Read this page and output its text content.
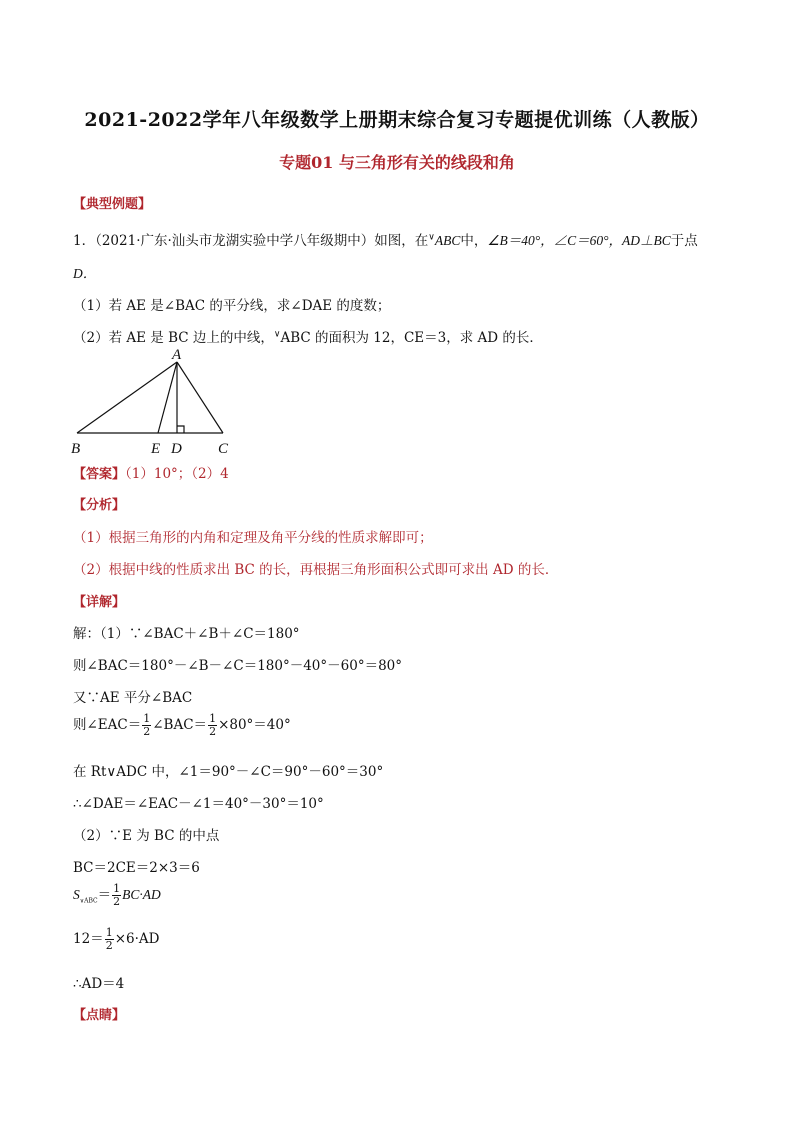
2021-2022学年八年级数学上册期末综合复习专题提优训练（人教版）
专题01 与三角形有关的线段和角
【典型例题】
1．（2021·广东·汕头市龙湖实验中学八年级期中）如图，在∨ABC中，∠B＝40°，∠C＝60°，AD⊥BC于点
D．
（1）若 AE 是∠BAC 的平分线，求∠DAE 的度数；
（2）若 AE 是 BC 边上的中线，∨ABC 的面积为 12，CE＝3，求 AD 的长．
A
B	C
D
E
【答案】（1）10°；（2）4
【分析】
（1）根据三角形的内角和定理及角平分线的性质求解即可；
（2）根据中线的性质求出 BC 的长，再根据三角形面积公式即可求出 AD 的长．
【详解】
解：（1）∵∠BAC＋∠B＋∠C＝180°
则∠BAC＝180°－∠B－∠C＝180°－40°－60°＝80°
又∵AE 平分∠BAC
则∠EAC＝ $\frac{1}{2}$ ∠BAC＝ $\frac{1}{2} \times 80^\circ=40^\circ$
在 Rt∨ADC 中，∠1＝90°－∠C＝90°－60°＝30°
∴∠DAE＝∠EAC－∠1＝40°－30°＝10°
（2）∵E 为 BC 的中点
BC＝2CE＝2×3＝6
$S_{\vee ABC}= \frac{1}{2} BC\cdot AD$
$12= \frac{1}{2} \times 6\cdot AD$
∴AD＝4
【点睛】
